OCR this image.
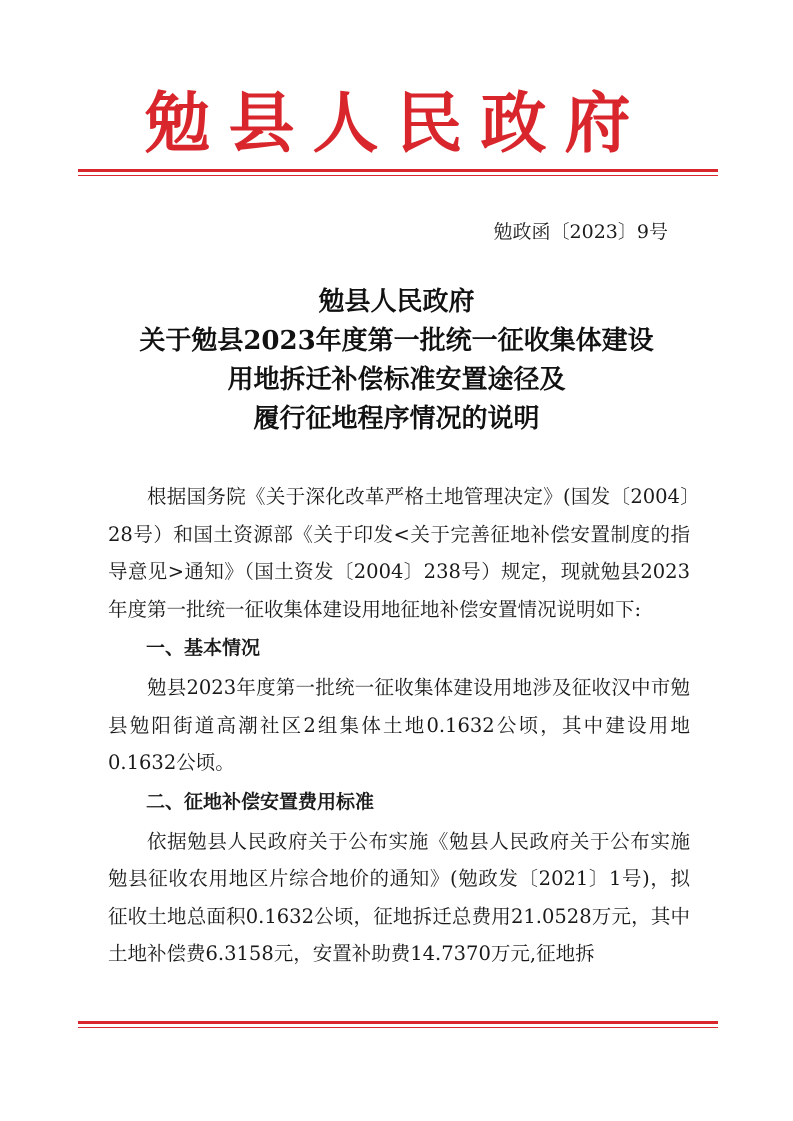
勉县人民政府
勉政函〔2023〕9号
勉县人民政府
关于勉县2023年度第一批统一征收集体建设
用地拆迁补偿标准安置途径及
履行征地程序情况的说明

根据国务院《关于深化改革严格土地管理决定》(国发〔2004〕28号）和国土资源部《关于印发<关于完善征地补偿安置制度的指导意见>通知》（国土资发〔2004〕238号）规定，现就勉县2023年度第一批统一征收集体建设用地征地补偿安置情况说明如下:

一、基本情况

勉县2023年度第一批统一征收集体建设用地涉及征收汉中市勉县勉阳街道高潮社区2组集体土地0.1632公顷，其中建设用地0.1632公顷。

二、征地补偿安置费用标准

依据勉县人民政府关于公布实施《勉县人民政府关于公布实施勉县征收农用地区片综合地价的通知》(勉政发〔2021〕1号)，拟征收土地总面积0.1632公顷，征地拆迁总费用21.0528万元，其中土地补偿费6.3158元，安置补助费14.7370万元,征地拆
